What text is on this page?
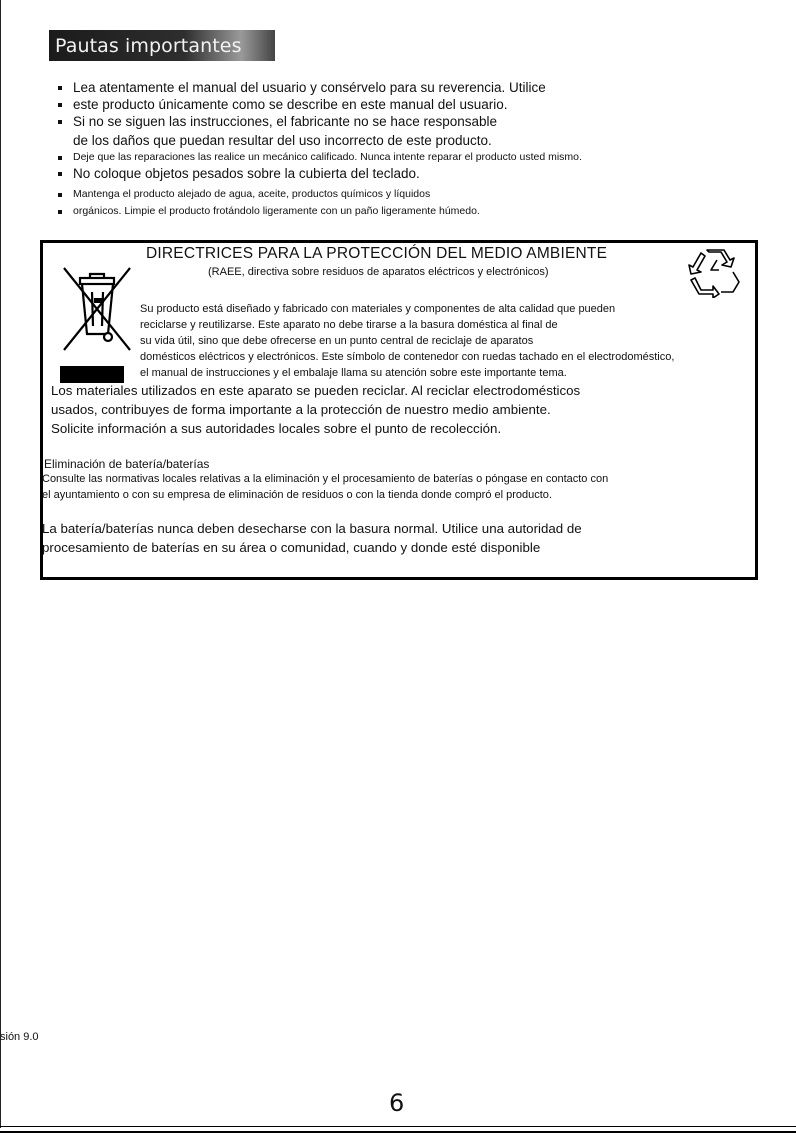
Pautas importantes
Lea atentamente el manual del usuario y consérvelo para su reverencia. Utilice
este producto únicamente como se describe en este manual del usuario.
Si no se siguen las instrucciones, el fabricante no se hace responsable
de los daños que puedan resultar del uso incorrecto de este producto.
Deje que las reparaciones las realice un mecánico calificado. Nunca intente reparar el producto usted mismo.
No coloque objetos pesados sobre la cubierta del teclado.
Mantenga el producto alejado de agua, aceite, productos químicos y líquidos
orgánicos. Limpie el producto frotándolo ligeramente con un paño ligeramente húmedo.
DIRECTRICES PARA LA PROTECCIÓN DEL MEDIO AMBIENTE
(RAEE, directiva sobre residuos de aparatos eléctricos y electrónicos)
Su producto está diseñado y fabricado con materiales y componentes de alta calidad que pueden
reciclarse y reutilizarse. Este aparato no debe tirarse a la basura doméstica al final de
su vida útil, sino que debe ofrecerse en un punto central de reciclaje de aparatos
domésticos eléctricos y electrónicos. Este símbolo de contenedor con ruedas tachado en el electrodoméstico,
el manual de instrucciones y el embalaje llama su atención sobre este importante tema.
Los materiales utilizados en este aparato se pueden reciclar. Al reciclar electrodomésticos
usados, contribuyes de forma importante a la protección de nuestro medio ambiente.
Solicite información a sus autoridades locales sobre el punto de recolección.
Eliminación de batería/baterías
Consulte las normativas locales relativas a la eliminación y el procesamiento de baterías o póngase en contacto con
el ayuntamiento o con su empresa de eliminación de residuos o con la tienda donde compró el producto.
La batería/baterías nunca deben desecharse con la basura normal. Utilice una autoridad de
procesamiento de baterías en su área o comunidad, cuando y donde esté disponible
sión 9.0
6
